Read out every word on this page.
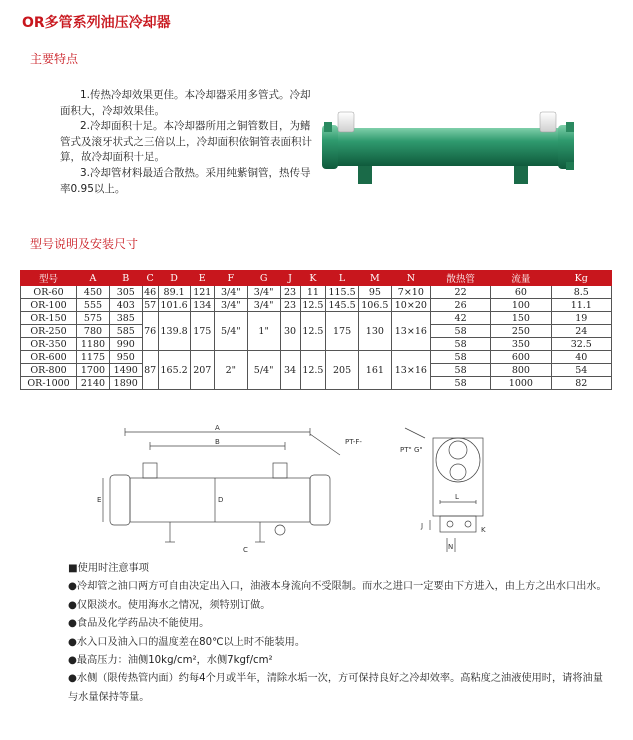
OR多管系列油压冷却器
主要特点

1.传热冷却效果更佳。本冷却器采用多管式。冷却面积大，冷却效果佳。

2.冷却面积十足。本冷却器所用之铜管数目，为鳍管式及滚牙状式之三倍以上，冷却面积依铜管表面积计算，故冷却面积十足。

3.冷却管材料最适合散热。采用纯紫铜管，热传导率0.95以上。

型号说明及安装尺寸
型号	A	B	C	D	E	F	G	J	K	L	M	N	散热管	流量	Kg
OR-60	450	305	46	89.1	121	3/4"	3/4"	23	11	115.5	95	7×10	22	60	8.5
OR-100	555	403	57	101.6	134	3/4"	3/4"	23	12.5	145.5	106.5	10×20	26	100	11.1
OR-150	575	385	76	139.8	175	5/4"	1"	30	12.5	175	130	13×16	42	150	19
OR-250	780	585											58	250	24
OR-350	1180	990											58	350	32.5
OR-600	1175	950	87	165.2	207	2"	5/4"	34	12.5	205	161	13×16	58	600	40
OR-800	1700	1490											58	800	54
OR-1000	2140	1890											58	1000	82
A
B
D
E
C
PT-F-
PT" G"
L
J	K
N
■使用时注意事项
●冷却管之油口两方可自由决定出入口，油液本身流向不受限制。而水之进口一定要由下方进入，由上方之出水口出水。
●仅限淡水。使用海水之情况，须特别订做。
●食品及化学药品决不能使用。
●水入口及油入口的温度差在80℃以上时不能装用。
●最高压力：油侧10kg/cm²，水侧7kgf/cm²
●水侧（限传热管内面）约每4个月或半年，清除水垢一次，方可保持良好之冷却效率。高粘度之油液使用时，请将油量与水量保持等量。
